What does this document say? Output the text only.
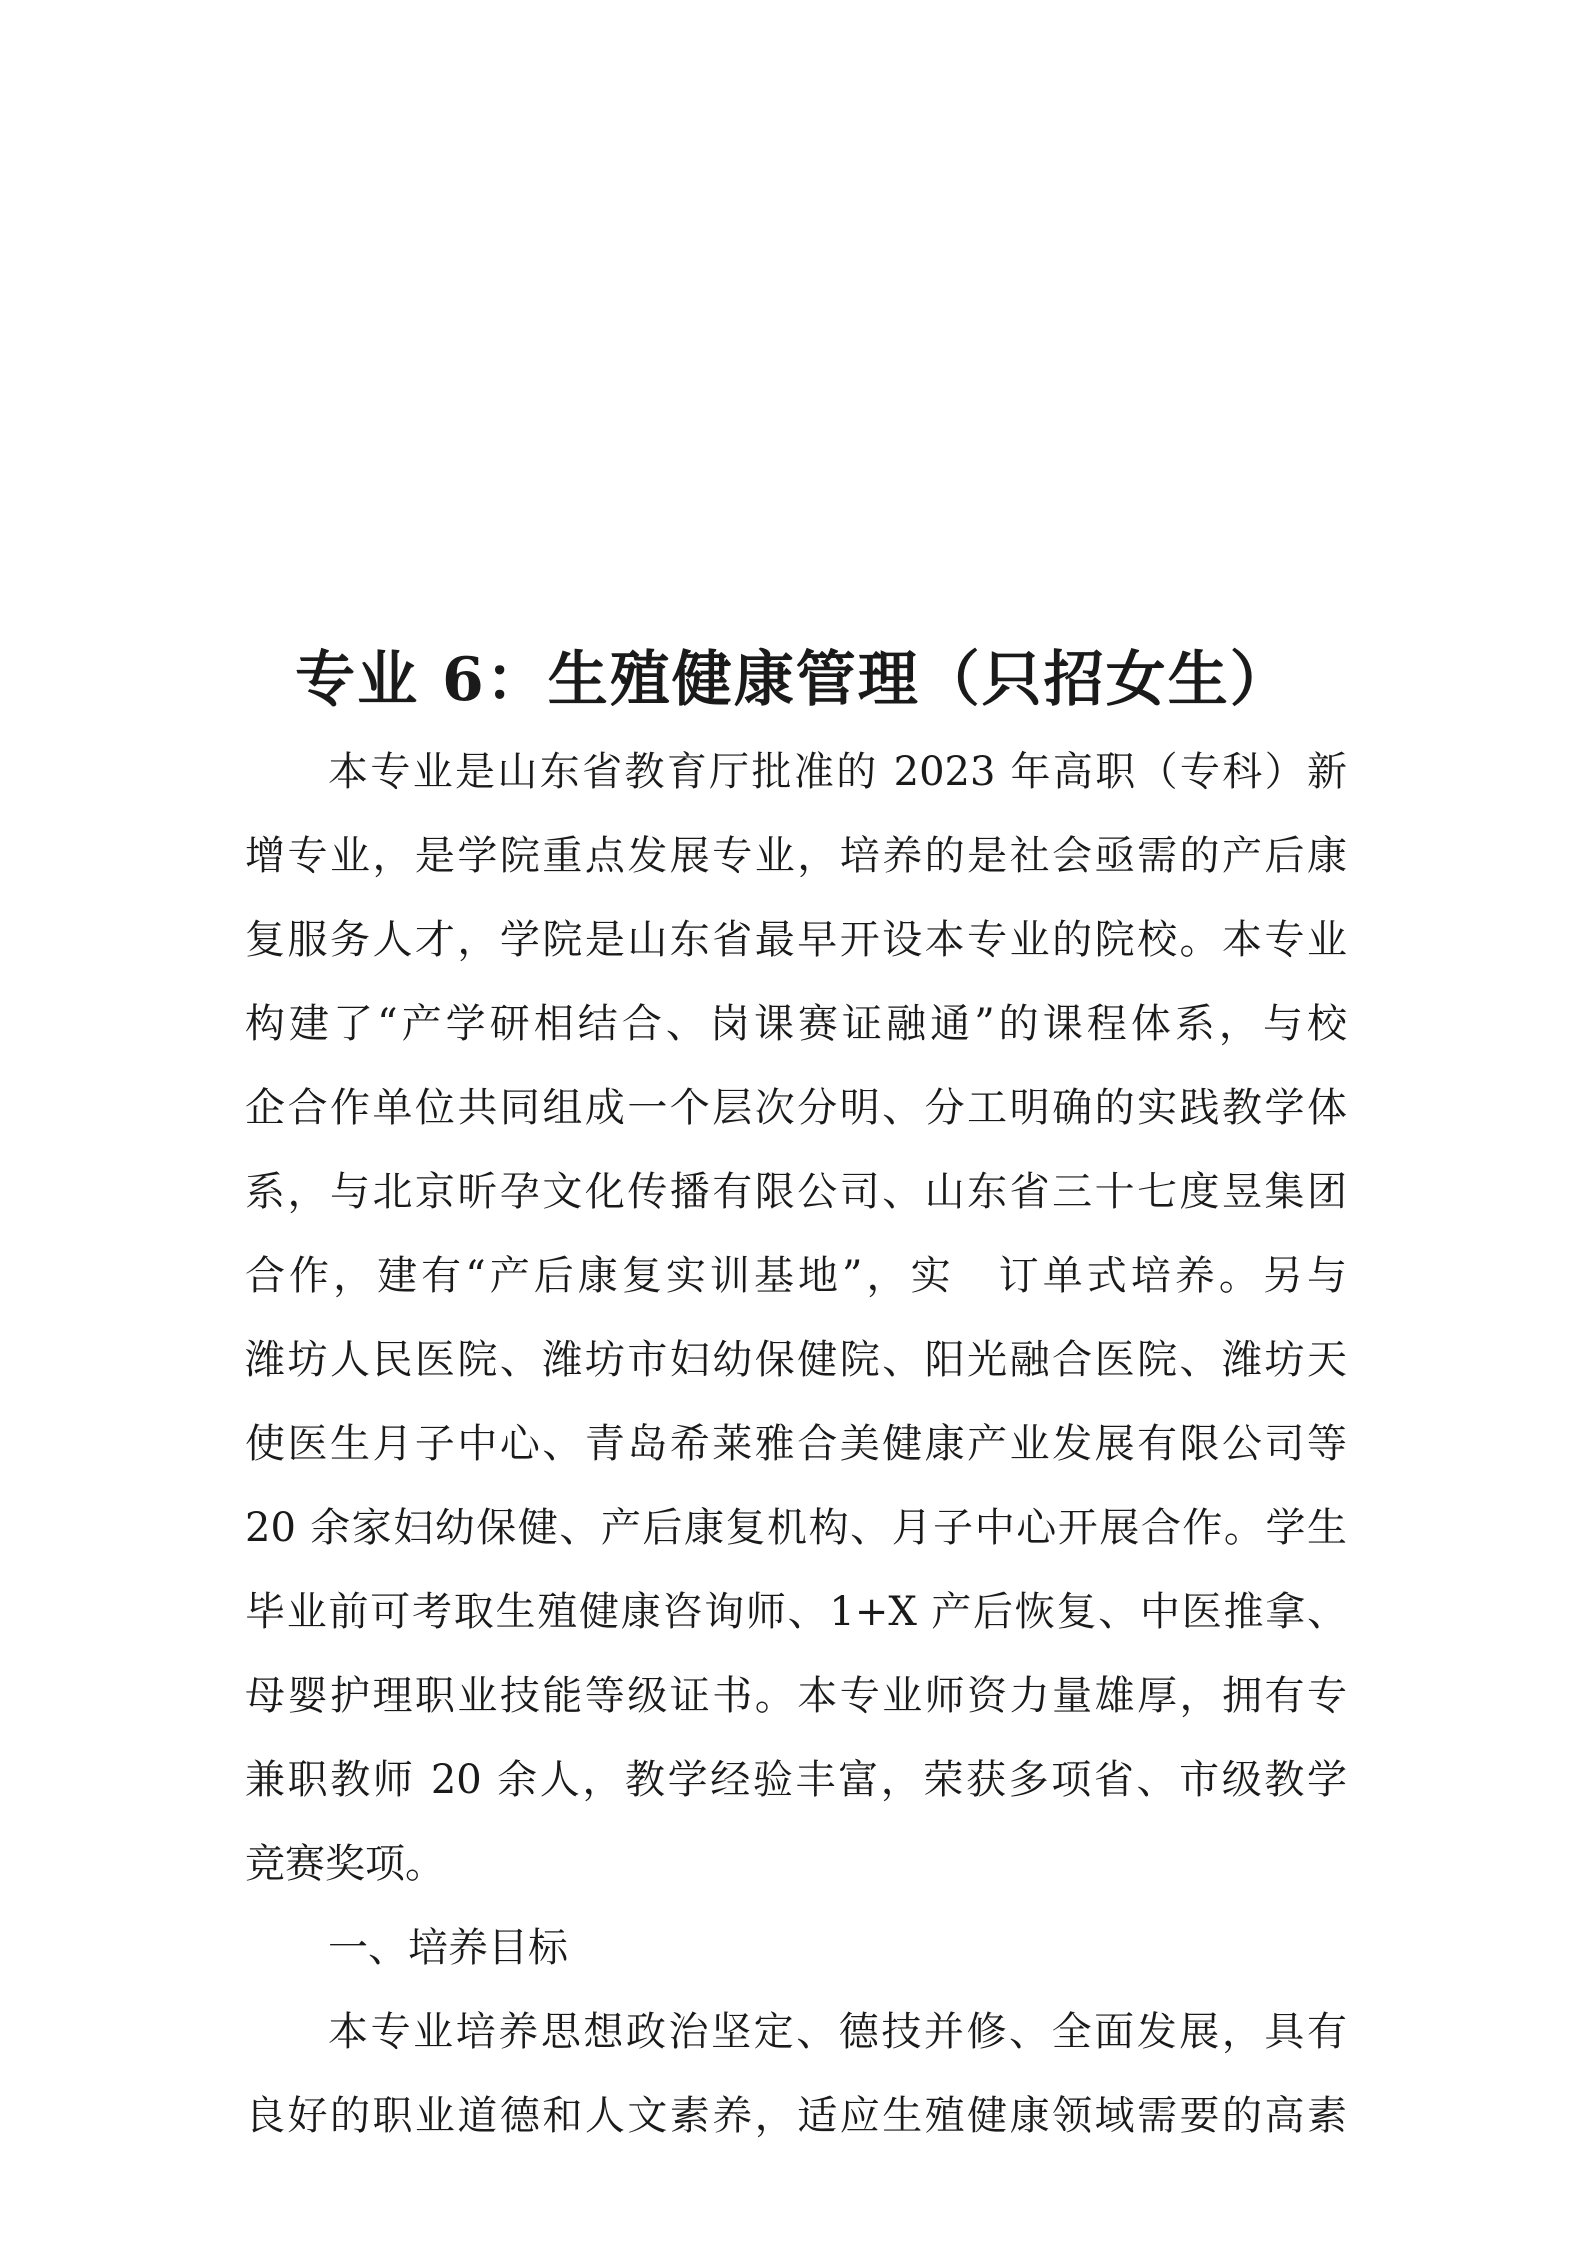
专业 6：生殖健康管理（只招女生）
本专业是山东省教育厅批准的 2023 年高职（专科）新
增专业，是学院重点发展专业，培养的是社会亟需的产后康
复服务人才，学院是山东省最早开设本专业的院校。本专业
构建了“产学研相结合、岗课赛证融通”的课程体系，与校
企合作单位共同组成一个层次分明、分工明确的实践教学体
系，与北京昕孕文化传播有限公司、山东省三十七度昱集团
合作，建有“产后康复实训基地”，实　订单式培养。另与
潍坊人民医院、潍坊市妇幼保健院、阳光融合医院、潍坊天
使医生月子中心、青岛希莱雅合美健康产业发展有限公司等
20 余家妇幼保健、产后康复机构、月子中心开展合作。学生
毕业前可考取生殖健康咨询师、1+X 产后恢复、中医推拿、
母婴护理职业技能等级证书。本专业师资力量雄厚，拥有专
兼职教师 20 余人，教学经验丰富，荣获多项省、市级教学
竞赛奖项。
一、培养目标
本专业培养思想政治坚定、德技并修、全面发展，具有
良好的职业道德和人文素养，适应生殖健康领域需要的高素
